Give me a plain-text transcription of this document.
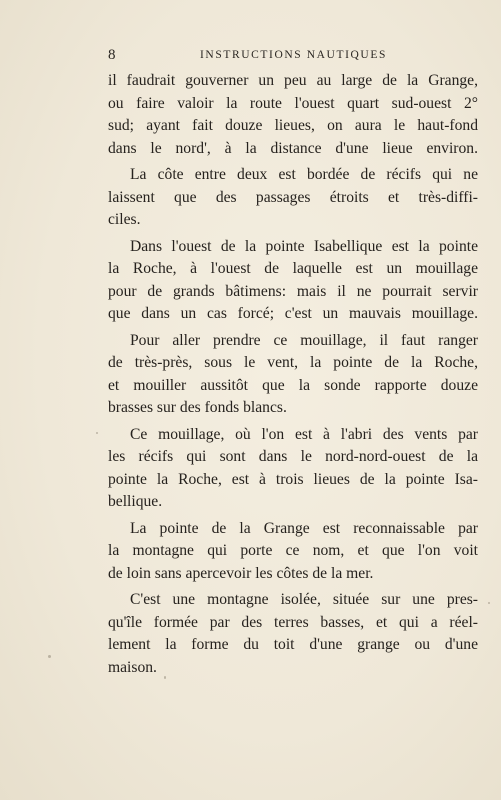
8	INSTRUCTIONS NAUTIQUES
il faudrait gouverner un peu au large de la Grange,
ou faire valoir la route l'ouest quart sud-ouest 2°
sud; ayant fait douze lieues, on aura le haut-fond
dans le nord', à la distance d'une lieue environ.
La côte entre deux est bordée de récifs qui ne
laissent que des passages étroits et très-diffi-
ciles.
Dans l'ouest de la pointe Isabellique est la pointe
la Roche, à l'ouest de laquelle est un mouillage
pour de grands bâtimens: mais il ne pourrait servir
que dans un cas forcé; c'est un mauvais mouillage.
Pour aller prendre ce mouillage, il faut ranger
de très-près, sous le vent, la pointe de la Roche,
et mouiller aussitôt que la sonde rapporte douze
brasses sur des fonds blancs.
Ce mouillage, où l'on est à l'abri des vents par
les récifs qui sont dans le nord-nord-ouest de la
pointe la Roche, est à trois lieues de la pointe Isa-
bellique.
La pointe de la Grange est reconnaissable par
la montagne qui porte ce nom, et que l'on voit
de loin sans apercevoir les côtes de la mer.
C'est une montagne isolée, située sur une pres-
qu'île formée par des terres basses, et qui a réel-
lement la forme du toit d'une grange ou d'une
maison.
